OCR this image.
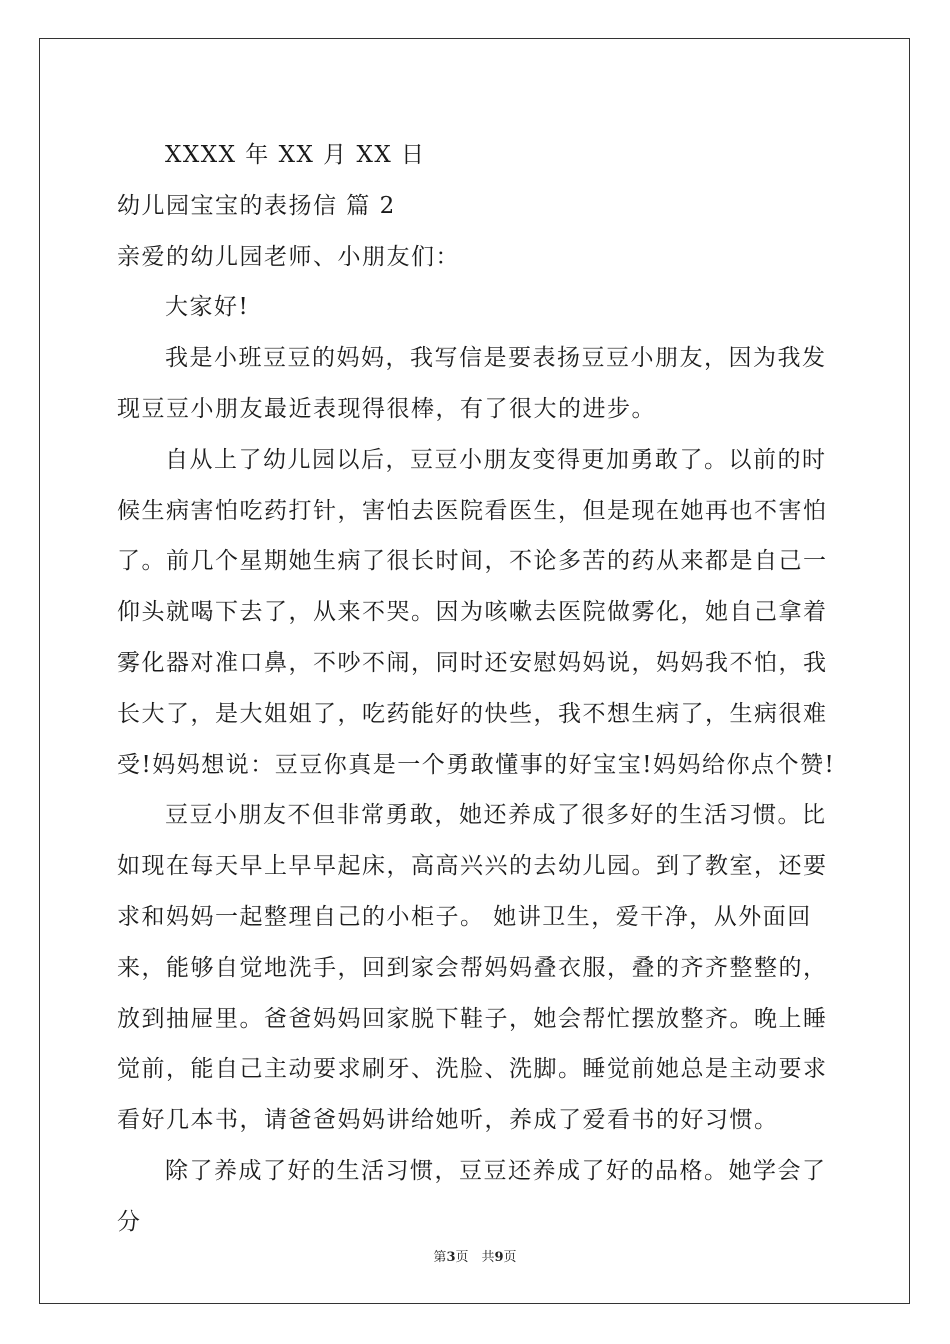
XXXX 年 XX 月 XX 日

幼儿园宝宝的表扬信 篇 2

亲爱的幼儿园老师、小朋友们：

大家好!

我是小班豆豆的妈妈，我写信是要表扬豆豆小朋友，因为我发现豆豆小朋友最近表现得很棒，有了很大的进步。

自从上了幼儿园以后，豆豆小朋友变得更加勇敢了。以前的时候生病害怕吃药打针，害怕去医院看医生，但是现在她再也不害怕了。前几个星期她生病了很长时间，不论多苦的药从来都是自己一仰头就喝下去了，从来不哭。因为咳嗽去医院做雾化，她自己拿着雾化器对准口鼻，不吵不闹，同时还安慰妈妈说，妈妈我不怕，我长大了，是大姐姐了，吃药能好的快些，我不想生病了，生病很难受!妈妈想说：豆豆你真是一个勇敢懂事的好宝宝!妈妈给你点个赞!

豆豆小朋友不但非常勇敢，她还养成了很多好的生活习惯。比如现在每天早上早早起床，高高兴兴的去幼儿园。到了教室，还要求和妈妈一起整理自己的小柜子。 她讲卫生，爱干净，从外面回来，能够自觉地洗手，回到家会帮妈妈叠衣服，叠的齐齐整整的，放到抽屉里。爸爸妈妈回家脱下鞋子，她会帮忙摆放整齐。晚上睡觉前，能自己主动要求刷牙、洗脸、洗脚。睡觉前她总是主动要求看好几本书，请爸爸妈妈讲给她听，养成了爱看书的好习惯。

除了养成了好的生活习惯，豆豆还养成了好的品格。她学会了分

第3页　共9页
